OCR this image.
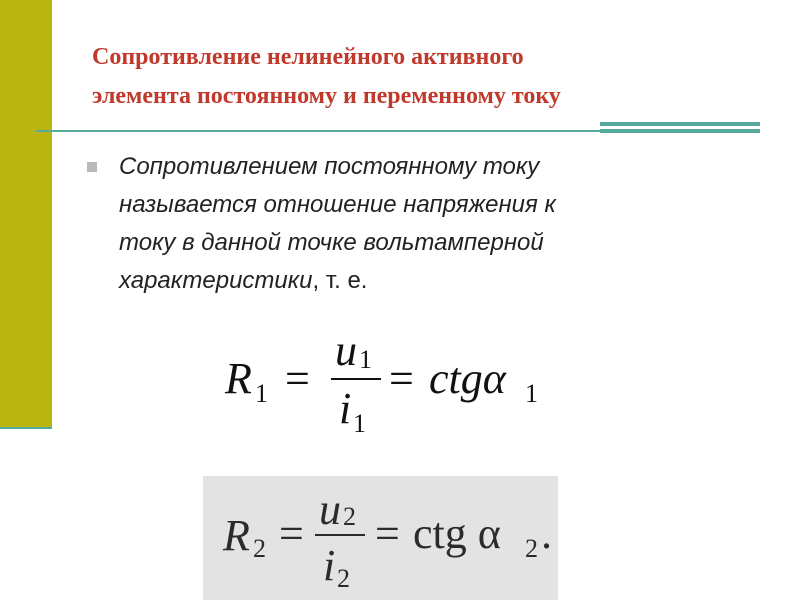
Сопротивление нелинейного активного
элемента постоянному и переменному току
Сопротивлением постоянному току
называется отношение напряжения к
току в данной точке вольтамперной
характеристики, т. е.
R 1 =
u 1
i 1
= ctgα 1
R 2 = u 2
i 2
= ctg α 2 .
